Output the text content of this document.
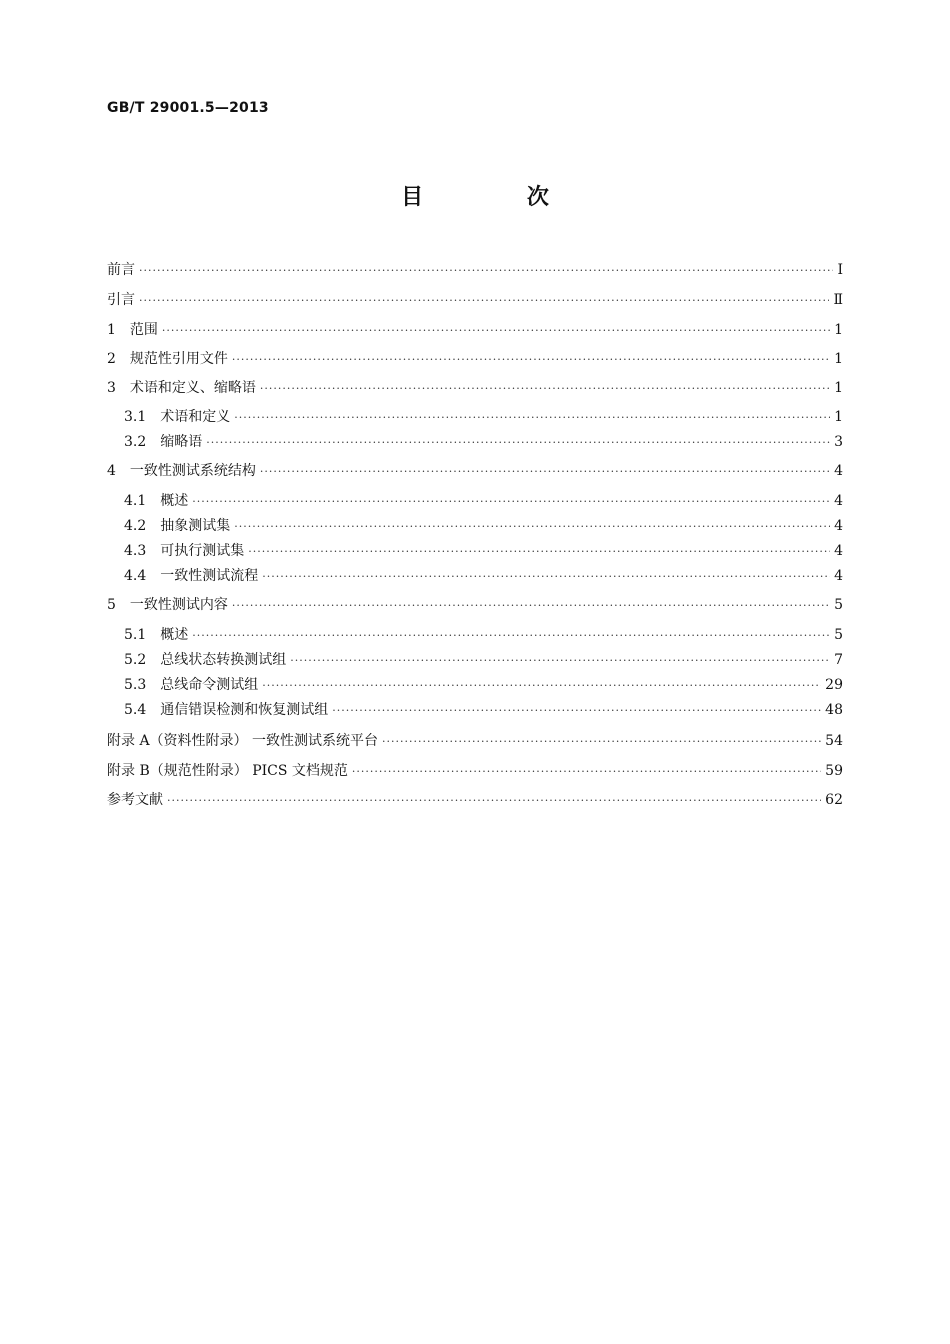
GB/T 29001.5—2013
目 次
前言 ·····	Ⅰ
引言 ·····	Ⅱ
1 范围 ·····	1
2 规范性引用文件 ·····	1
3 术语和定义、缩略语 ·····	1
3.1 术语和定义 ·····	1
3.2 缩略语 ·····	3
4 一致性测试系统结构 ·····	4
4.1 概述 ·····	4
4.2 抽象测试集 ·····	4
4.3 可执行测试集 ·····	4
4.4 一致性测试流程 ·····	4
5 一致性测试内容 ·····	5
5.1 概述 ·····	5
5.2 总线状态转换测试组 ·····	7
5.3 总线命令测试组 ·····	29
5.4 通信错误检测和恢复测试组 ·····	48
附录 A（资料性附录） 一致性测试系统平台 ·····	54
附录 B（规范性附录） PICS 文档规范 ·····	59
参考文献 ·····	62
